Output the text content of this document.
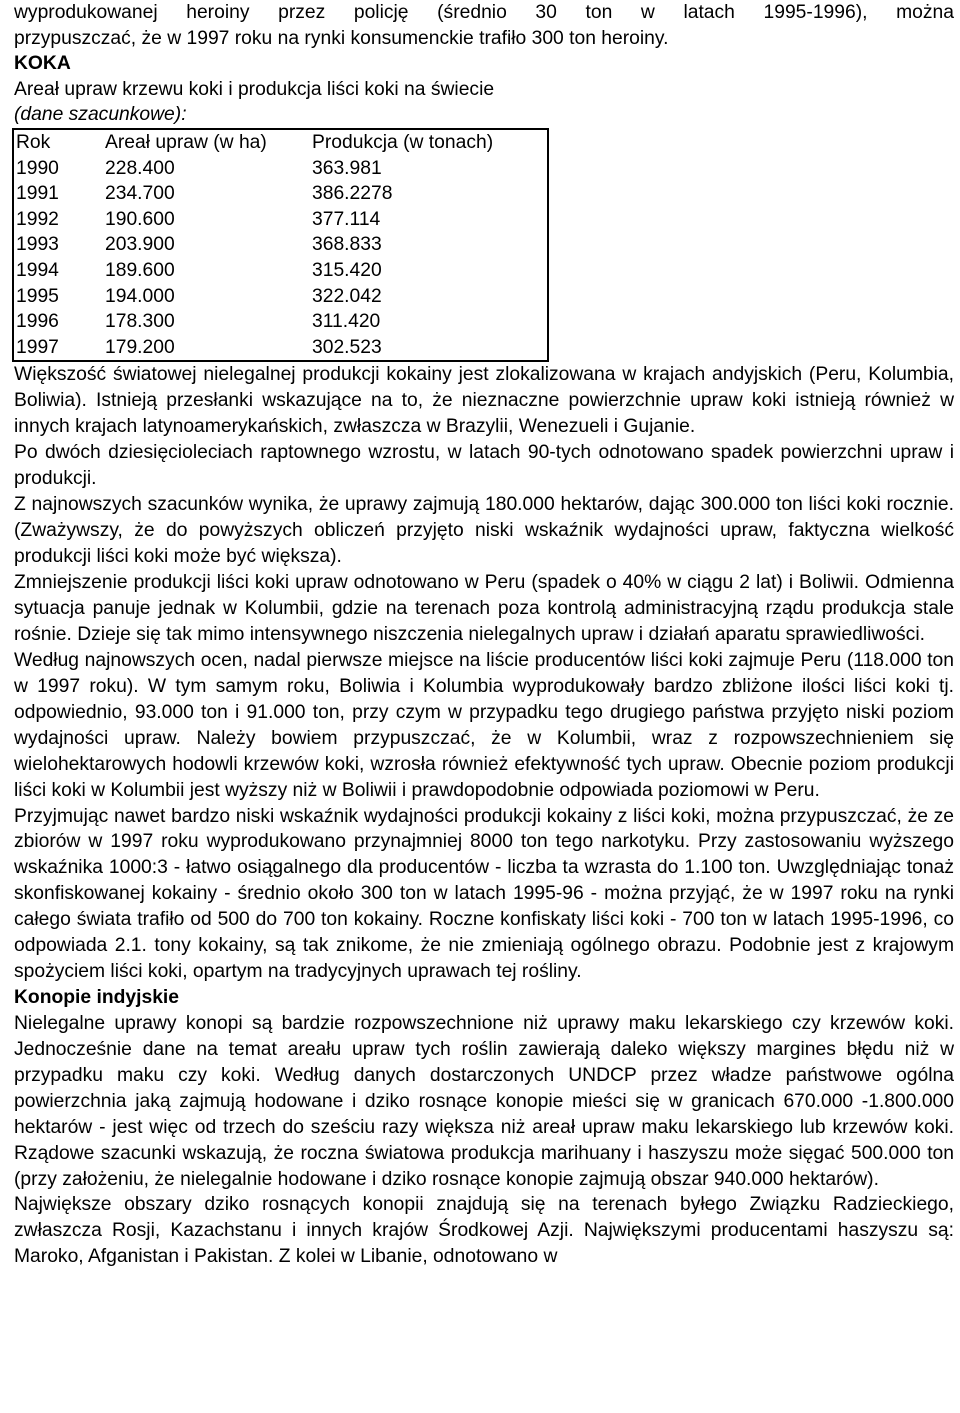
wyprodukowanej heroiny przez policję (średnio 30 ton w latach 1995-1996), można
przypuszczać, że w 1997 roku na rynki konsumenckie trafiło 300 ton heroiny.
KOKA
Areał upraw krzewu koki i produkcja liści koki na świecie
(dane szacunkowe):
Rok	Areał upraw (w ha)	Produkcja (w tonach)
1990	228.400	363.981
1991	234.700	386.2278
1992	190.600	377.114
1993	203.900	368.833
1994	189.600	315.420
1995	194.000	322.042
1996	178.300	311.420
1997	179.200	302.523

Większość światowej nielegalnej produkcji kokainy jest zlokalizowana w krajach andyjskich (Peru, Kolumbia, Boliwia). Istnieją przesłanki wskazujące na to, że nieznaczne powierzchnie upraw koki istnieją również w innych krajach latynoamerykańskich, zwłaszcza w Brazylii, Wenezueli i Gujanie.

Po dwóch dziesięcioleciach raptownego wzrostu, w latach 90-tych odnotowano spadek powierzchni upraw i produkcji.

Z najnowszych szacunków wynika, że uprawy zajmują 180.000 hektarów, dając 300.000 ton liści koki rocznie. (Zważywszy, że do powyższych obliczeń przyjęto niski wskaźnik wydajności upraw, faktyczna wielkość produkcji liści koki może być większa).

Zmniejszenie produkcji liści koki upraw odnotowano w Peru (spadek o 40% w ciągu 2 lat) i Boliwii. Odmienna sytuacja panuje jednak w Kolumbii, gdzie na terenach poza kontrolą administracyjną rządu produkcja stale rośnie. Dzieje się tak mimo intensywnego niszczenia nielegalnych upraw i działań aparatu sprawiedliwości.

Według najnowszych ocen, nadal pierwsze miejsce na liście producentów liści koki zajmuje Peru (118.000 ton w 1997 roku). W tym samym roku, Boliwia i Kolumbia wyprodukowały bardzo zbliżone ilości liści koki tj. odpowiednio, 93.000 ton i 91.000 ton, przy czym w przypadku tego drugiego państwa przyjęto niski poziom wydajności upraw. Należy bowiem przypuszczać, że w Kolumbii, wraz z rozpowszechnieniem się wielohektarowych hodowli krzewów koki, wzrosła również efektywność tych upraw. Obecnie poziom produkcji liści koki w Kolumbii jest wyższy niż w Boliwii i prawdopodobnie odpowiada poziomowi w Peru.

Przyjmując nawet bardzo niski wskaźnik wydajności produkcji kokainy z liści koki, można przypuszczać, że ze zbiorów w 1997 roku wyprodukowano przynajmniej 8000 ton tego narkotyku. Przy zastosowaniu wyższego wskaźnika 1000:3 - łatwo osiągalnego dla producentów - liczba ta wzrasta do 1.100 ton. Uwzględniając tonaż skonfiskowanej kokainy - średnio około 300 ton w latach 1995-96 - można przyjąć, że w 1997 roku na rynki całego świata trafiło od 500 do 700 ton kokainy. Roczne konfiskaty liści koki - 700 ton w latach 1995-1996, co odpowiada 2.1. tony kokainy, są tak znikome, że nie zmieniają ogólnego obrazu. Podobnie jest z krajowym spożyciem liści koki, opartym na tradycyjnych uprawach tej rośliny.

Konopie indyjskie

Nielegalne uprawy konopi są bardzie rozpowszechnione niż uprawy maku lekarskiego czy krzewów koki. Jednocześnie dane na temat areału upraw tych roślin zawierają daleko większy margines błędu niż w przypadku maku czy koki. Według danych dostarczonych UNDCP przez władze państwowe ogólna powierzchnia jaką zajmują hodowane i dziko rosnące konopie mieści się w granicach 670.000 -1.800.000 hektarów - jest więc od trzech do sześciu razy większa niż areał upraw maku lekarskiego lub krzewów koki. Rządowe szacunki wskazują, że roczna światowa produkcja marihuany i haszyszu może sięgać 500.000 ton (przy założeniu, że nielegalnie hodowane i dziko rosnące konopie zajmują obszar 940.000 hektarów).

Największe obszary dziko rosnących konopii znajdują się na terenach byłego Związku Radzieckiego, zwłaszcza Rosji, Kazachstanu i innych krajów Środkowej Azji. Największymi producentami haszyszu są: Maroko, Afganistan i Pakistan. Z kolei w Libanie, odnotowano w
